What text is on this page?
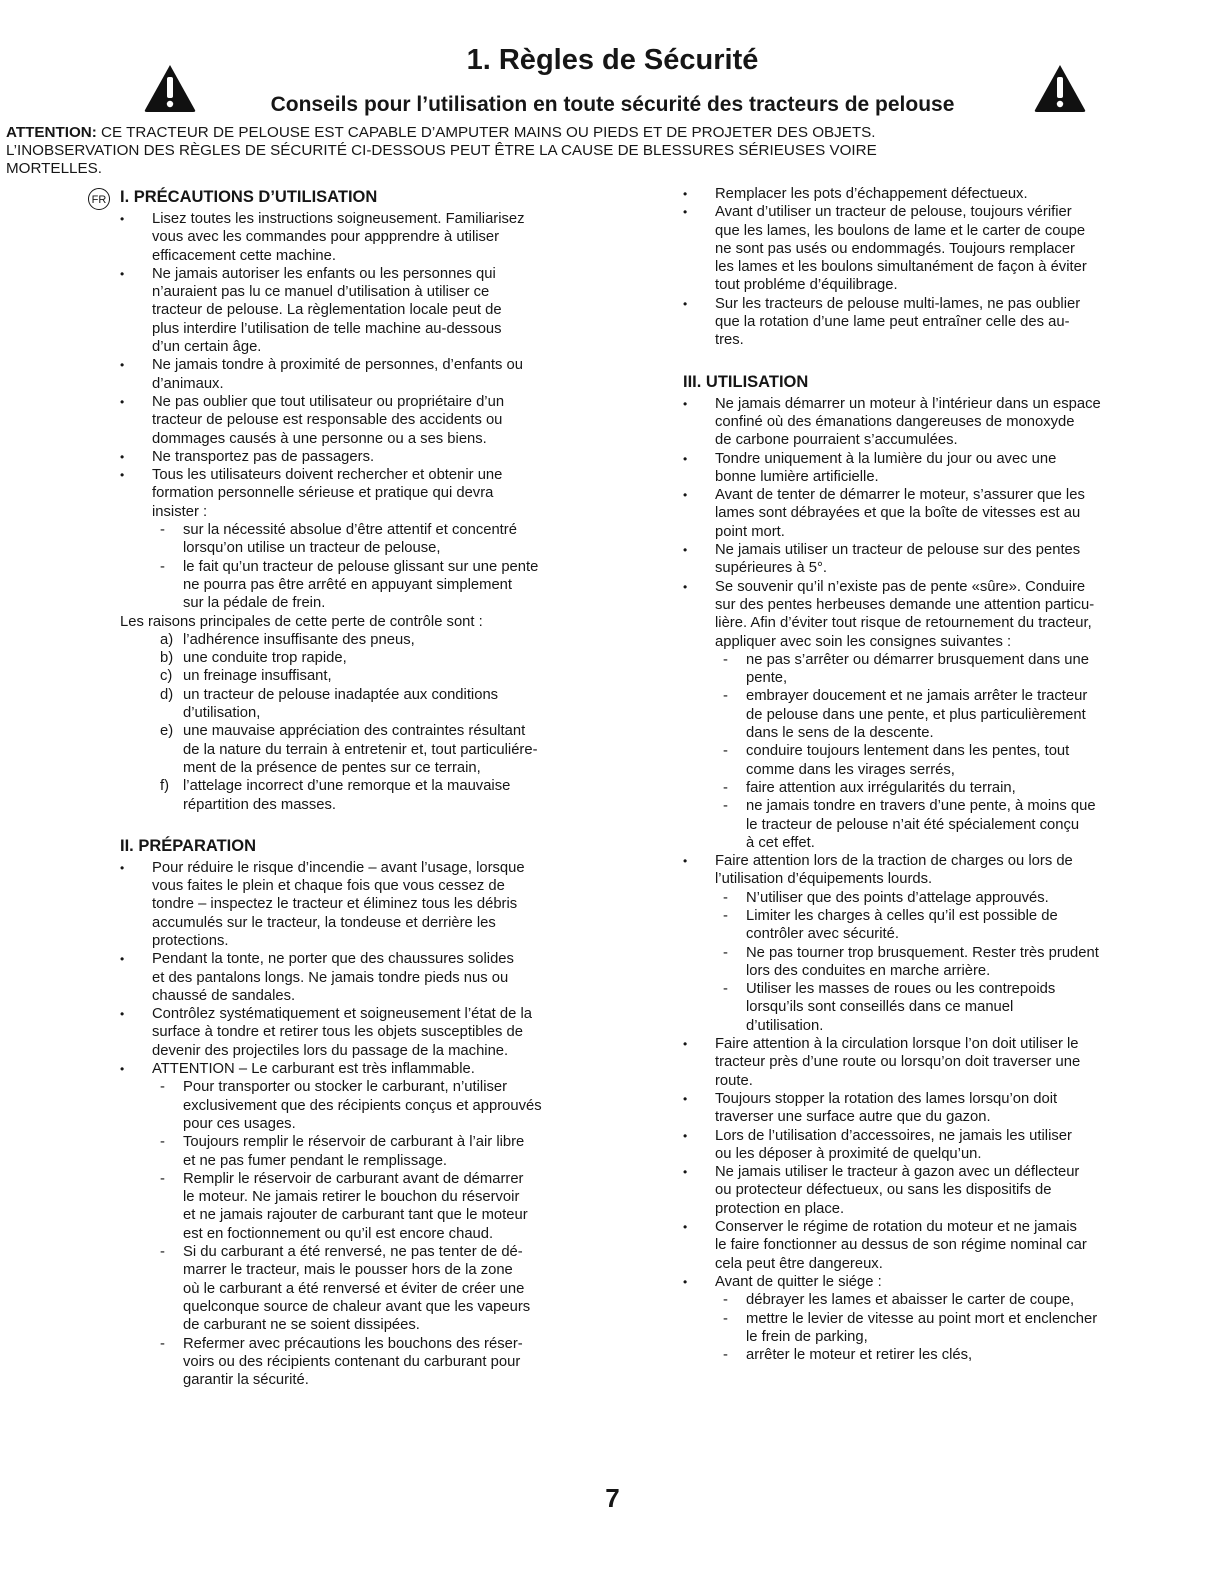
1. Règles de Sécurité
Conseils pour l’utilisation en toute sécurité des tracteurs de pelouse

ATTENTION: CE TRACTEUR DE PELOUSE EST CAPABLE D’AMPUTER MAINS OU PIEDS ET DE PROJETER DES OBJETS.
L’INOBSERVATION DES RÈGLES DE SÉCURITÉ CI-DESSOUS PEUT ÊTRE LA CAUSE DE BLESSURES SÉRIEUSES VOIRE
MORTELLES.

FR I. PRÉCAUTIONS D’UTILISATION

• Lisez toutes les instructions soigneusement. Familiarisez
vous avec les commandes pour appprendre à utiliser
efficacement cette machine.

• Ne jamais autoriser les enfants ou les personnes qui
n’auraient pas lu ce manuel d’utilisation à utiliser ce
tracteur de pelouse. La règlementation locale peut de
plus interdire l’utilisation de telle machine au-dessous
d’un certain âge.

• Ne jamais tondre à proximité de personnes, d’enfants ou
d’animaux.

• Ne pas oublier que tout utilisateur ou propriétaire d’un
tracteur de pelouse est responsable des accidents ou
dommages causés à une personne ou a ses biens.

• Ne transportez pas de passagers.

• Tous les utilisateurs doivent rechercher et obtenir une
formation personnelle sérieuse et pratique qui devra
insister :

- sur la nécessité absolue d’être attentif et concentré
lorsqu’on utilise un tracteur de pelouse,

- le fait qu’un tracteur de pelouse glissant sur une pente
ne pourra pas être arrêté en appuyant simplement
sur la pédale de frein.

Les raisons principales de cette perte de contrôle sont :

a) l’adhérence insuffisante des pneus,

b) une conduite trop rapide,

c) un freinage insuffisant,

d) un tracteur de pelouse inadaptée aux conditions
d’utilisation,

e) une mauvaise appréciation des contraintes résultant
de la nature du terrain à entretenir et, tout particuliére-
ment de la présence de pentes sur ce terrain,

f) l’attelage incorrect d’une remorque et la mauvaise
répartition des masses.

II. PRÉPARATION

• Pour réduire le risque d’incendie – avant l’usage, lorsque
vous faites le plein et chaque fois que vous cessez de
tondre – inspectez le tracteur et éliminez tous les débris
accumulés sur le tracteur, la tondeuse et derrière les
protections.

• Pendant la tonte, ne porter que des chaussures solides
et des pantalons longs. Ne jamais tondre pieds nus ou
chaussé de sandales.

• Contrôlez systématiquement et soigneusement l’état de la
surface à tondre et retirer tous les objets susceptibles de
devenir des projectiles lors du passage de la machine.

• ATTENTION – Le carburant est très inflammable.

- Pour transporter ou stocker le carburant, n’utiliser
exclusivement que des récipients conçus et approuvés
pour ces usages.

- Toujours remplir le réservoir de carburant à l’air libre
et ne pas fumer pendant le remplissage.

- Remplir le réservoir de carburant avant de démarrer
le moteur. Ne jamais retirer le bouchon du réservoir
et ne jamais rajouter de carburant tant que le moteur
est en foctionnement ou qu’il est encore chaud.

- Si du carburant a été renversé, ne pas tenter de dé-
marrer le tracteur, mais le pousser hors de la zone
où le carburant a été renversé et éviter de créer une
quelconque source de chaleur avant que les vapeurs
de carburant ne se soient dissipées.

- Refermer avec précautions les bouchons des réser-
voirs ou des récipients contenant du carburant pour
garantir la sécurité.

• Remplacer les pots d’échappement défectueux.

• Avant d’utiliser un tracteur de pelouse, toujours vérifier
que les lames, les boulons de lame et le carter de coupe
ne sont pas usés ou endommagés. Toujours remplacer
les lames et les boulons simultanément de façon à éviter
tout probléme d’équilibrage.

• Sur les tracteurs de pelouse multi-lames, ne pas oublier
que la rotation d’une lame peut entraîner celle des au-
tres.

III. UTILISATION

• Ne jamais démarrer un moteur à l’intérieur dans un espace
confiné où des émanations dangereuses de monoxyde
de carbone pourraient s’accumulées.

• Tondre uniquement à la lumière du jour ou avec une
bonne lumière artificielle.

• Avant de tenter de démarrer le moteur, s’assurer que les
lames sont débrayées et que la boîte de vitesses est au
point mort.

• Ne jamais utiliser un tracteur de pelouse sur des pentes
supérieures à 5°.

• Se souvenir qu’il n’existe pas de pente «sûre». Conduire
sur des pentes herbeuses demande une attention particu-
lière. Afin d’éviter tout risque de retournement du tracteur,
appliquer avec soin les consignes suivantes :

- ne pas s’arrêter ou démarrer brusquement dans une
pente,

- embrayer doucement et ne jamais arrêter le tracteur
de pelouse dans une pente, et plus particulièrement
dans le sens de la descente.

- conduire toujours lentement dans les pentes, tout
comme dans les virages serrés,

- faire attention aux irrégularités du terrain,

- ne jamais tondre en travers d’une pente, à moins que
le tracteur de pelouse n’ait été spécialement conçu
à cet effet.

• Faire attention lors de la traction de charges ou lors de
l’utilisation d’équipements lourds.

- N’utiliser que des points d’attelage approuvés.

- Limiter les charges à celles qu’il est possible de
contrôler avec sécurité.

- Ne pas tourner trop brusquement. Rester très prudent
lors des conduites en marche arrière.

- Utiliser les masses de roues ou les contrepoids
lorsqu’ils sont conseillés dans ce manuel
d’utilisation.

• Faire attention à la circulation lorsque l’on doit utiliser le
tracteur près d’une route ou lorsqu’on doit traverser une
route.

• Toujours stopper la rotation des lames lorsqu’on doit
traverser une surface autre que du gazon.

• Lors de l’utilisation d’accessoires, ne jamais les utiliser
ou les déposer à proximité de quelqu’un.

• Ne jamais utiliser le tracteur à gazon avec un déflecteur
ou protecteur défectueux, ou sans les dispositifs de
protection en place.

• Conserver le régime de rotation du moteur et ne jamais
le faire fonctionner au dessus de son régime nominal car
cela peut être dangereux.

• Avant de quitter le siége :

- débrayer les lames et abaisser le carter de coupe,

- mettre le levier de vitesse au point mort et enclencher
le frein de parking,

- arrêter le moteur et retirer les clés,

7
